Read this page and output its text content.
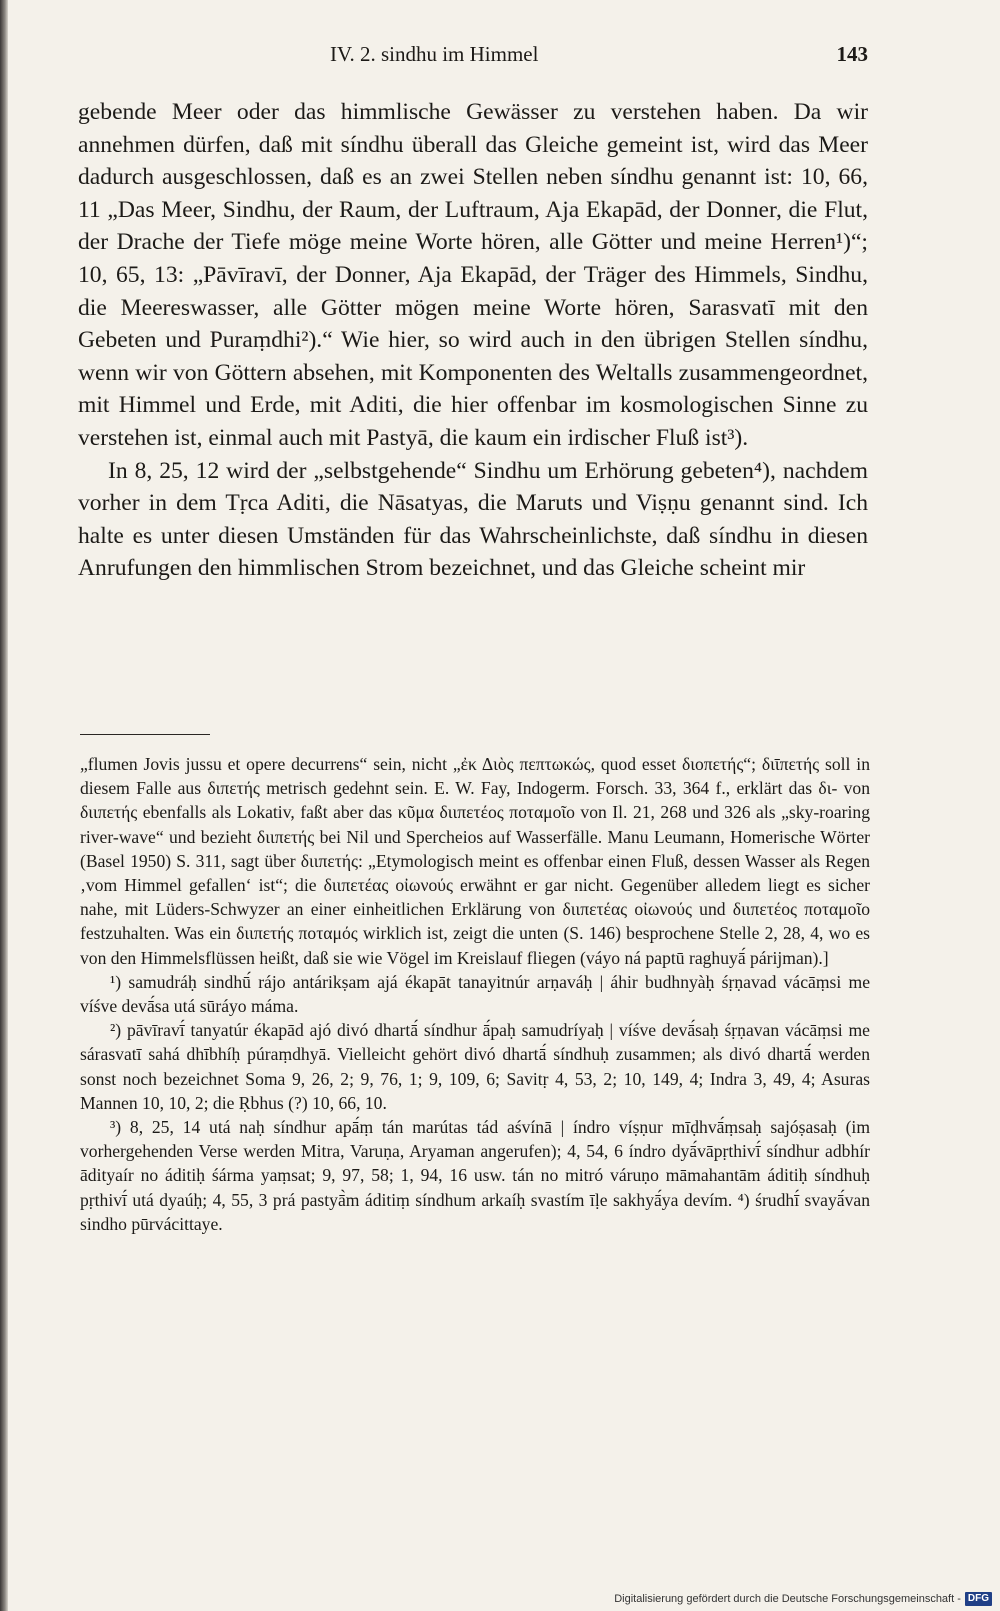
IV. 2. sindhu im Himmel	143

gebende Meer oder das himmlische Gewässer zu verstehen haben. Da wir annehmen dürfen, daß mit síndhu überall das Gleiche gemeint ist, wird das Meer dadurch ausgeschlossen, daß es an zwei Stellen neben síndhu genannt ist: 10, 66, 11 „Das Meer, Sindhu, der Raum, der Luftraum, Aja Ekapād, der Donner, die Flut, der Drache der Tiefe möge meine Worte hören, alle Götter und meine Herren¹)“; 10, 65, 13: „Pāvīravī, der Donner, Aja Ekapād, der Träger des Himmels, Sindhu, die Meereswasser, alle Götter mögen meine Worte hören, Sarasvatī mit den Gebeten und Puraṃdhi²).“ Wie hier, so wird auch in den übrigen Stellen síndhu, wenn wir von Göttern absehen, mit Komponenten des Weltalls zusammengeordnet, mit Himmel und Erde, mit Aditi, die hier offenbar im kosmologischen Sinne zu verstehen ist, einmal auch mit Pastyā, die kaum ein irdischer Fluß ist³).

In 8, 25, 12 wird der „selbstgehende“ Sindhu um Erhörung gebeten⁴), nachdem vorher in dem Tṛca Aditi, die Nāsatyas, die Maruts und Viṣṇu genannt sind. Ich halte es unter diesen Umständen für das Wahrscheinlichste, daß síndhu in diesen Anrufungen den himmlischen Strom bezeichnet, und das Gleiche scheint mir

„flumen Jovis jussu et opere decurrens“ sein, nicht „ἐκ Διὸς πεπτωκώς, quod esset διοπετής“; διῑπετής soll in diesem Falle aus διπετής metrisch gedehnt sein. E. W. Fay, Indogerm. Forsch. 33, 364 f., erklärt das δι- von διιπετής ebenfalls als Lokativ, faßt aber das κῦμα διιπετέος ποταμοῖο von Il. 21, 268 und 326 als „sky-roaring river-wave“ und bezieht διιπετής bei Nil und Spercheios auf Wasserfälle. Manu Leumann, Homerische Wörter (Basel 1950) S. 311, sagt über διιπετής: „Etymologisch meint es offenbar einen Fluß, dessen Wasser als Regen ‚vom Himmel gefallen‘ ist“; die διιπετέας οἰωνούς erwähnt er gar nicht. Gegenüber alledem liegt es sicher nahe, mit Lüders-Schwyzer an einer einheitlichen Erklärung von διιπετέας οἰωνούς und διιπετέος ποταμοῖο festzuhalten. Was ein διιπετής ποταμός wirklich ist, zeigt die unten (S. 146) besprochene Stelle 2, 28, 4, wo es von den Himmelsflüssen heißt, daß sie wie Vögel im Kreislauf fliegen (váyo ná paptū raghuyā́ párijman).]

¹) samudráḥ sindhū́ rájo antárikṣam ajá ékapāt tanayitnúr arṇaváḥ | áhir budhnyàḥ śṛṇavad vácāṃsi me víśve devā́sa utá sūráyo máma.

²) pāvīravī́ tanyatúr ékapād ajó divó dhartā́ síndhur ā́paḥ samudríyaḥ | víśve devā́saḥ śṛṇavan vácāṃsi me sárasvatī sahá dhībhíḥ púraṃdhyā. Vielleicht gehört divó dhartā́ síndhuḥ zusammen; als divó dhartā́ werden sonst noch bezeichnet Soma 9, 26, 2; 9, 76, 1; 9, 109, 6; Savitṛ 4, 53, 2; 10, 149, 4; Indra 3, 49, 4; Asuras Mannen 10, 10, 2; die Ṛbhus (?) 10, 66, 10.

³) 8, 25, 14 utá naḥ síndhur apā́ṃ tán marútas tád aśvínā | índro víṣṇur mīḍhvā́ṃsaḥ sajóṣasaḥ (im vorhergehenden Verse werden Mitra, Varuṇa, Aryaman angerufen); 4, 54, 6 índro dyā́vāpṛthivī́ síndhur adbhír ādityaír no áditiḥ śárma yaṃsat; 9, 97, 58; 1, 94, 16 usw. tán no mitró váruṇo māmahantām áditiḥ síndhuḥ pṛthivī́ utá dyaúḥ; 4, 55, 3 prá pastyā̀m áditiṃ síndhum arkaíḥ svastím īḷe sakhyā́ya devím. ⁴) śrudhī́ svayā́van sindho pūrvácittaye.

Digitalisierung gefördert durch die Deutsche Forschungsgemeinschaft - DFG
